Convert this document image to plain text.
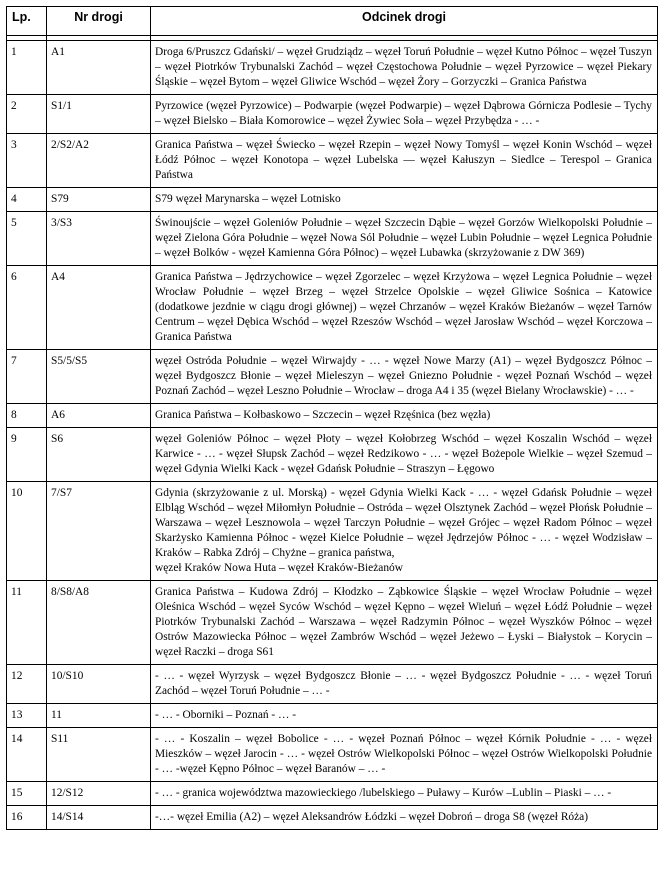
Lp.	Nr drogi	Odcinek drogi

1	A1	Droga 6/Pruszcz Gdański/ – węzeł Grudziądz – węzeł Toruń Południe – węzeł Kutno Północ – węzeł Tuszyn – węzeł Piotrków Trybunalski Zachód – węzeł Częstochowa Południe – węzeł Pyrzowice – węzeł Piekary Śląskie – węzeł Bytom – węzeł Gliwice Wschód – węzeł Żory – Gorzyczki – Granica Państwa

2	S1/1	Pyrzowice (węzeł Pyrzowice) – Podwarpie (węzeł Podwarpie) – węzeł Dąbrowa Górnicza Podlesie – Tychy – węzeł Bielsko – Biała Komorowice – węzeł Żywiec Soła – węzeł Przybędza - … -

3	2/S2/A2	Granica Państwa – węzeł Świecko – węzeł Rzepin – węzeł Nowy Tomyśl – węzeł Konin Wschód – węzeł Łódź Północ – węzeł Konotopa – węzeł Lubelska — węzeł Kałuszyn – Siedlce – Terespol – Granica Państwa

4	S79	S79 węzeł Marynarska – węzeł Lotnisko

5	3/S3	Świnoujście – węzeł Goleniów Południe – węzeł Szczecin Dąbie – węzeł Gorzów Wielkopolski Południe – węzeł Zielona Góra Południe – węzeł Nowa Sól Południe – węzeł Lubin Południe – węzeł Legnica Południe – węzeł Bolków - węzeł Kamienna Góra Północ) – węzeł Lubawka (skrzyżowanie z DW 369)

6	A4	Granica Państwa – Jędrzychowice – węzeł Zgorzelec – węzeł Krzyżowa – węzeł Legnica Południe – węzeł Wrocław Południe – węzeł Brzeg – węzeł Strzelce Opolskie – węzeł Gliwice Sośnica – Katowice (dodatkowe jezdnie w ciągu drogi głównej) – węzeł Chrzanów – węzeł Kraków Bieżanów – węzeł Tarnów Centrum – węzeł Dębica Wschód – węzeł Rzeszów Wschód – węzeł Jarosław Wschód – węzeł Korczowa – Granica Państwa

7	S5/5/S5	węzeł Ostróda Południe – węzeł Wirwajdy - … - węzeł Nowe Marzy (A1) – węzeł Bydgoszcz Północ – węzeł Bydgoszcz Błonie – węzeł Mieleszyn – węzeł Gniezno Południe - węzeł Poznań Wschód – węzeł Poznań Zachód – węzeł Leszno Południe – Wrocław – droga A4 i 35 (węzeł Bielany Wrocławskie) - … -

8	A6	Granica Państwa – Kołbaskowo – Szczecin – węzeł Rzęśnica (bez węzła)

9	S6	węzeł Goleniów Północ – węzeł Płoty – węzeł Kołobrzeg Wschód – węzeł Koszalin Wschód – węzeł Karwice - … - węzeł Słupsk Zachód – węzeł Redzikowo - … - węzeł Bożepole Wielkie – węzeł Szemud – węzeł Gdynia Wielki Kack - węzeł Gdańsk Południe – Straszyn – Łęgowo

10	7/S7	Gdynia (skrzyżowanie z ul. Morską) - węzeł Gdynia Wielki Kack - … - węzeł Gdańsk Południe – węzeł Elbląg Wschód – węzeł Miłomłyn Południe – Ostróda – węzeł Olsztynek Zachód – węzeł Płońsk Południe – Warszawa – węzeł Lesznowola – węzeł Tarczyn Południe – węzeł Grójec – węzeł Radom Północ – węzeł Skarżysko Kamienna Północ - węzeł Kielce Południe – węzeł Jędrzejów Północ - … - węzeł Wodzisław – Kraków – Rabka Zdrój – Chyżne – granica państwa,
węzeł Kraków Nowa Huta – węzeł Kraków-Bieżanów

11	8/S8/A8	Granica Państwa – Kudowa Zdrój – Kłodzko – Ząbkowice Śląskie – węzeł Wrocław Południe – węzeł Oleśnica Wschód – węzeł Syców Wschód – węzeł Kępno – węzeł Wieluń – węzeł Łódź Południe – węzeł Piotrków Trybunalski Zachód – Warszawa – węzeł Radzymin Północ – węzeł Wyszków Północ – węzeł Ostrów Mazowiecka Północ – węzeł Zambrów Wschód – węzeł Jeżewo – Łyski – Białystok – Korycin – węzeł Raczki – droga S61

12	10/S10	- … - węzeł Wyrzysk – węzeł Bydgoszcz Błonie – … - węzeł Bydgoszcz Południe - … - węzeł Toruń Zachód – węzeł Toruń Południe – … -

13	11	- … - Oborniki – Poznań - … -

14	S11	- … - Koszalin – węzeł Bobolice - … - węzeł Poznań Północ – węzeł Kórnik Południe - … - węzeł Mieszków – węzeł Jarocin - … - węzeł Ostrów Wielkopolski Północ – węzeł Ostrów Wielkopolski Południe - … -węzeł Kępno Północ – węzeł Baranów – … -

15	12/S12	- … - granica województwa mazowieckiego /lubelskiego – Puławy – Kurów –Lublin – Piaski – … -

16	14/S14	-…- węzeł Emilia (A2) – węzeł Aleksandrów Łódzki – węzeł Dobroń – droga S8 (węzeł Róża)
